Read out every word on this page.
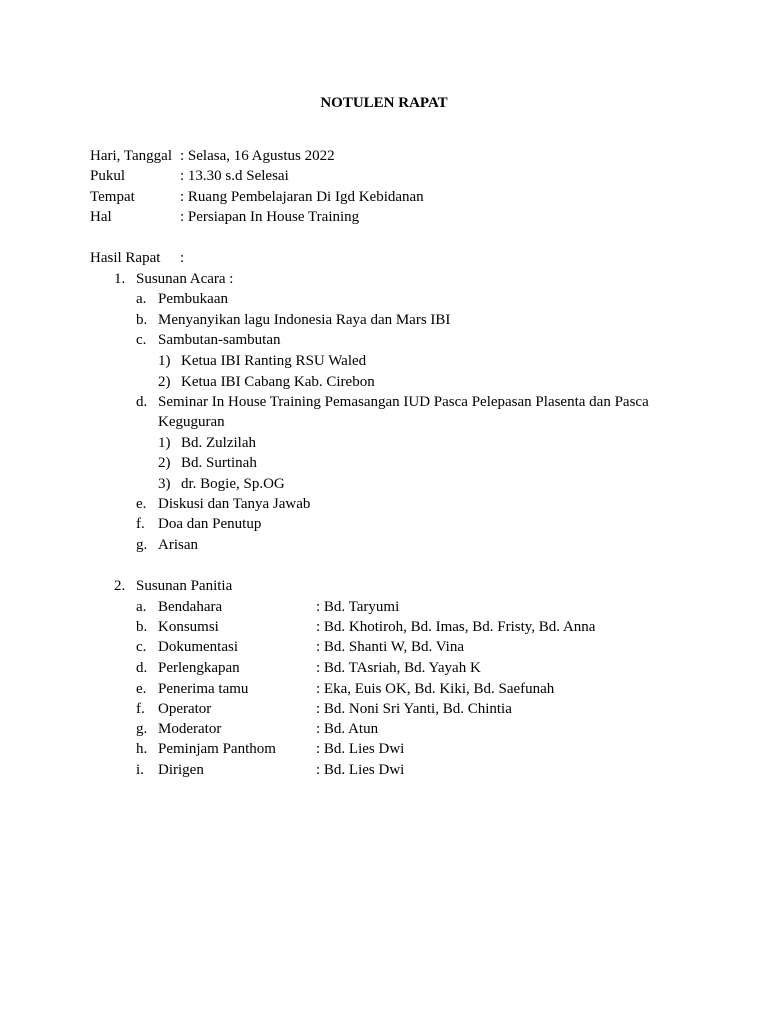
NOTULEN RAPAT
Hari, Tanggal : Selasa, 16 Agustus 2022
Pukul	: 13.30 s.d Selesai
Tempat	: Ruang Pembelajaran Di Igd Kebidanan
Hal	: Persiapan In House Training
Hasil Rapat :
1. Susunan Acara :
a. Pembukaan
b. Menyanyikan lagu Indonesia Raya dan Mars IBI
c. Sambutan-sambutan
1) Ketua IBI Ranting RSU Waled
2) Ketua IBI Cabang Kab. Cirebon
d. Seminar In House Training Pemasangan IUD Pasca Pelepasan Plasenta dan Pasca
Keguguran
1) Bd. Zulzilah
2) Bd. Surtinah
3) dr. Bogie, Sp.OG
e. Diskusi dan Tanya Jawab
f. Doa dan Penutup
g. Arisan
2. Susunan Panitia
a. Bendahara	: Bd. Taryumi
b. Konsumsi	: Bd. Khotiroh, Bd. Imas, Bd. Fristy, Bd. Anna
c. Dokumentasi	: Bd. Shanti W, Bd. Vina
d. Perlengkapan	: Bd. TAsriah, Bd. Yayah K
e. Penerima tamu	: Eka, Euis OK, Bd. Kiki, Bd. Saefunah
f. Operator	: Bd. Noni Sri Yanti, Bd. Chintia
g. Moderator	: Bd. Atun
h. Peminjam Panthom	: Bd. Lies Dwi
i. Dirigen	: Bd. Lies Dwi
